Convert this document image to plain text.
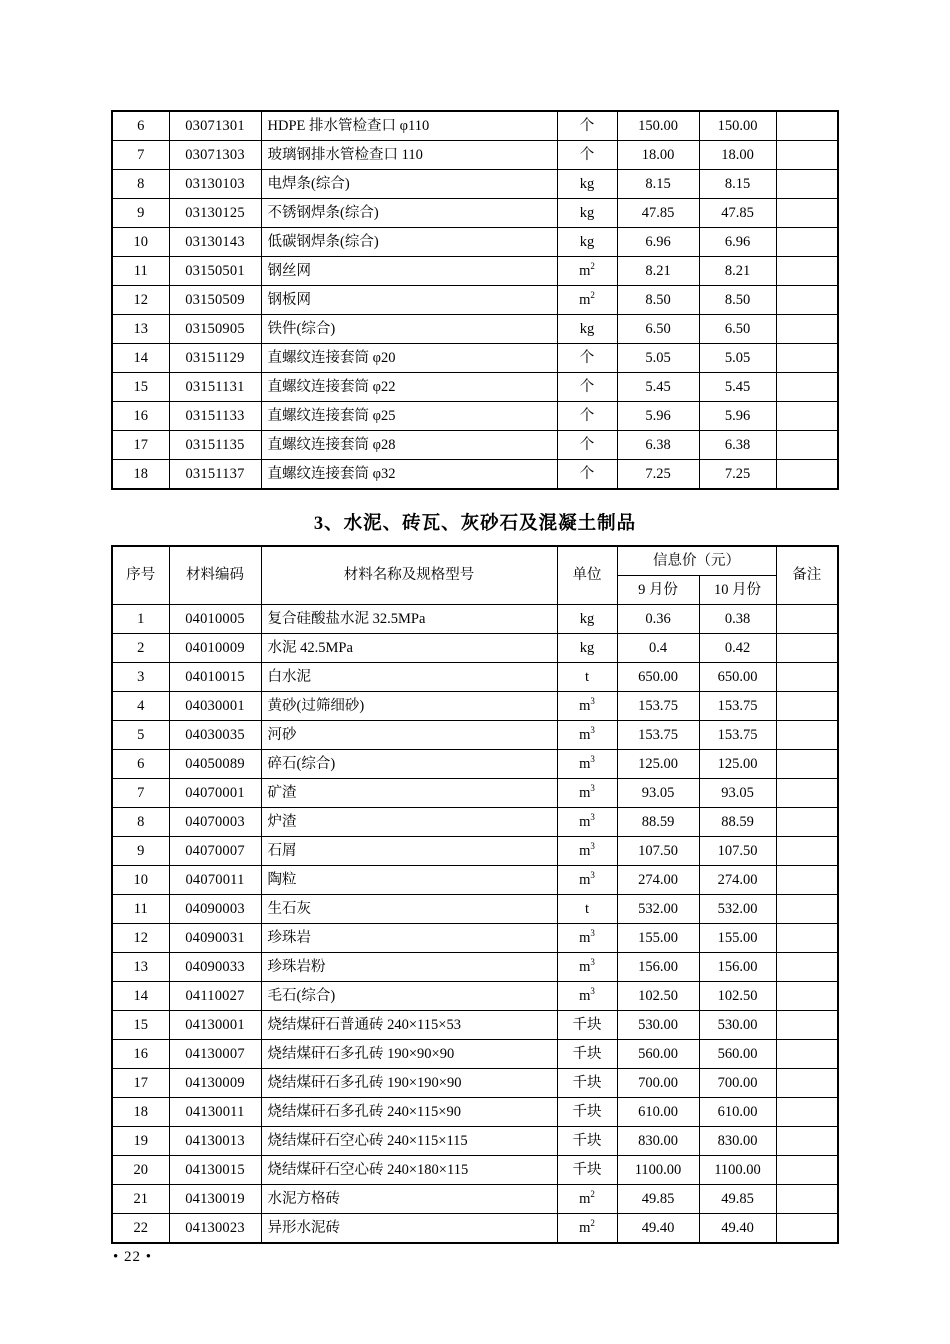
6	03071301	HDPE 排水管检查口 φ110	个	150.00	150.00	
7	03071303	玻璃钢排水管检查口 110	个	18.00	18.00	
8	03130103	电焊条(综合)	kg	8.15	8.15	
9	03130125	不锈钢焊条(综合)	kg	47.85	47.85	
10	03130143	低碳钢焊条(综合)	kg	6.96	6.96	
11	03150501	钢丝网	$m^2$	8.21	8.21	
12	03150509	钢板网	$m^2$	8.50	8.50	
13	03150905	铁件(综合)	kg	6.50	6.50	
14	03151129	直螺纹连接套筒 φ20	个	5.05	5.05	
15	03151131	直螺纹连接套筒 φ22	个	5.45	5.45	
16	03151133	直螺纹连接套筒 φ25	个	5.96	5.96	
17	03151135	直螺纹连接套筒 φ28	个	6.38	6.38	
18	03151137	直螺纹连接套筒 φ32	个	7.25	7.25	
3、水泥、砖瓦、灰砂石及混凝土制品
序号	材料编码	材料名称及规格型号	单位	信息价（元）		备注
				9 月份	10 月份	
1	04010005	复合硅酸盐水泥 32.5MPa	kg	0.36	0.38	
2	04010009	水泥 42.5MPa	kg	0.4	0.42	
3	04010015	白水泥	t	650.00	650.00	
4	04030001	黄砂(过筛细砂)	$m^3$	153.75	153.75	
5	04030035	河砂	$m^3$	153.75	153.75	
6	04050089	碎石(综合)	$m^3$	125.00	125.00	
7	04070001	矿渣	$m^3$	93.05	93.05	
8	04070003	炉渣	$m^3$	88.59	88.59	
9	04070007	石屑	$m^3$	107.50	107.50	
10	04070011	陶粒	$m^3$	274.00	274.00	
11	04090003	生石灰	t	532.00	532.00	
12	04090031	珍珠岩	$m^3$	155.00	155.00	
13	04090033	珍珠岩粉	$m^3$	156.00	156.00	
14	04110027	毛石(综合)	$m^3$	102.50	102.50	
15	04130001	烧结煤矸石普通砖 240×115×53	千块	530.00	530.00	
16	04130007	烧结煤矸石多孔砖 190×90×90	千块	560.00	560.00	
17	04130009	烧结煤矸石多孔砖 190×190×90	千块	700.00	700.00	
18	04130011	烧结煤矸石多孔砖 240×115×90	千块	610.00	610.00	
19	04130013	烧结煤矸石空心砖 240×115×115	千块	830.00	830.00	
20	04130015	烧结煤矸石空心砖 240×180×115	千块	1100.00	1100.00	
21	04130019	水泥方格砖	$m^2$	49.85	49.85	
22	04130023	异形水泥砖	$m^2$	49.40	49.40	
• 22 •
